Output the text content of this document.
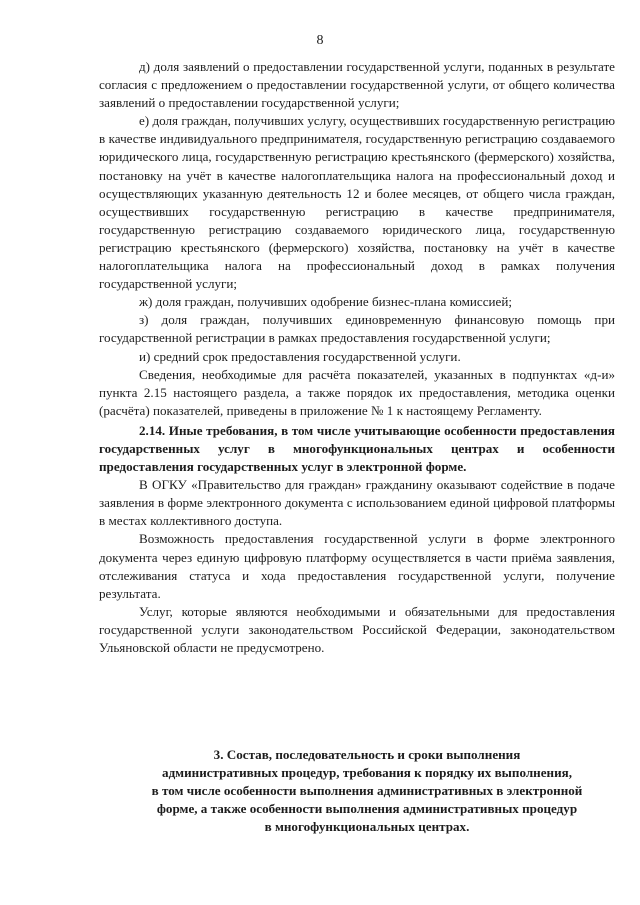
8

д) доля заявлений о предоставлении государственной услуги, поданных в результате согласия с предложением о предоставлении государственной услуги, от общего количества заявлений о предоставлении государственной услуги;

е) доля граждан, получивших услугу, осуществивших государственную регистрацию в качестве индивидуального предпринимателя, государственную регистрацию создаваемого юридического лица, государственную регистрацию крестьянского (фермерского) хозяйства, постановку на учёт в качестве налогоплательщика налога на профессиональный доход и осуществляющих указанную деятельность 12 и более месяцев, от общего числа граждан, осуществивших государственную регистрацию в качестве предпринимателя, государственную регистрацию создаваемого юридического лица, государственную регистрацию крестьянского (фермерского) хозяйства, постановку на учёт в качестве налогоплательщика налога на профессиональный доход в рамках получения государственной услуги;

ж) доля граждан, получивших одобрение бизнес-плана комиссией;

з) доля граждан, получивших единовременную финансовую помощь при государственной регистрации в рамках предоставления государственной услуги;

и) средний срок предоставления государственной услуги.

Сведения, необходимые для расчёта показателей, указанных в подпунктах «д-и» пункта 2.15 настоящего раздела, а также порядок их предоставления, методика оценки (расчёта) показателей, приведены в приложение № 1 к настоящему Регламенту.

2.14. Иные требования, в том числе учитывающие особенности предоставления государственных услуг в многофункциональных центрах и особенности предоставления государственных услуг в электронной форме.

В ОГКУ «Правительство для граждан» гражданину оказывают содействие в подаче заявления в форме электронного документа с использованием единой цифровой платформы в местах коллективного доступа.

Возможность предоставления государственной услуги в форме электронного документа через единую цифровую платформу осуществляется в части приёма заявления, отслеживания статуса и хода предоставления государственной услуги, получение результата.

Услуг, которые являются необходимыми и обязательными для предоставления государственной услуги законодательством Российской Федерации, законодательством Ульяновской области не предусмотрено.

3. Состав, последовательность и сроки выполнения
административных процедур, требования к порядку их выполнения,
в том числе особенности выполнения административных в электронной
форме, а также особенности выполнения административных процедур
в многофункциональных центрах.
